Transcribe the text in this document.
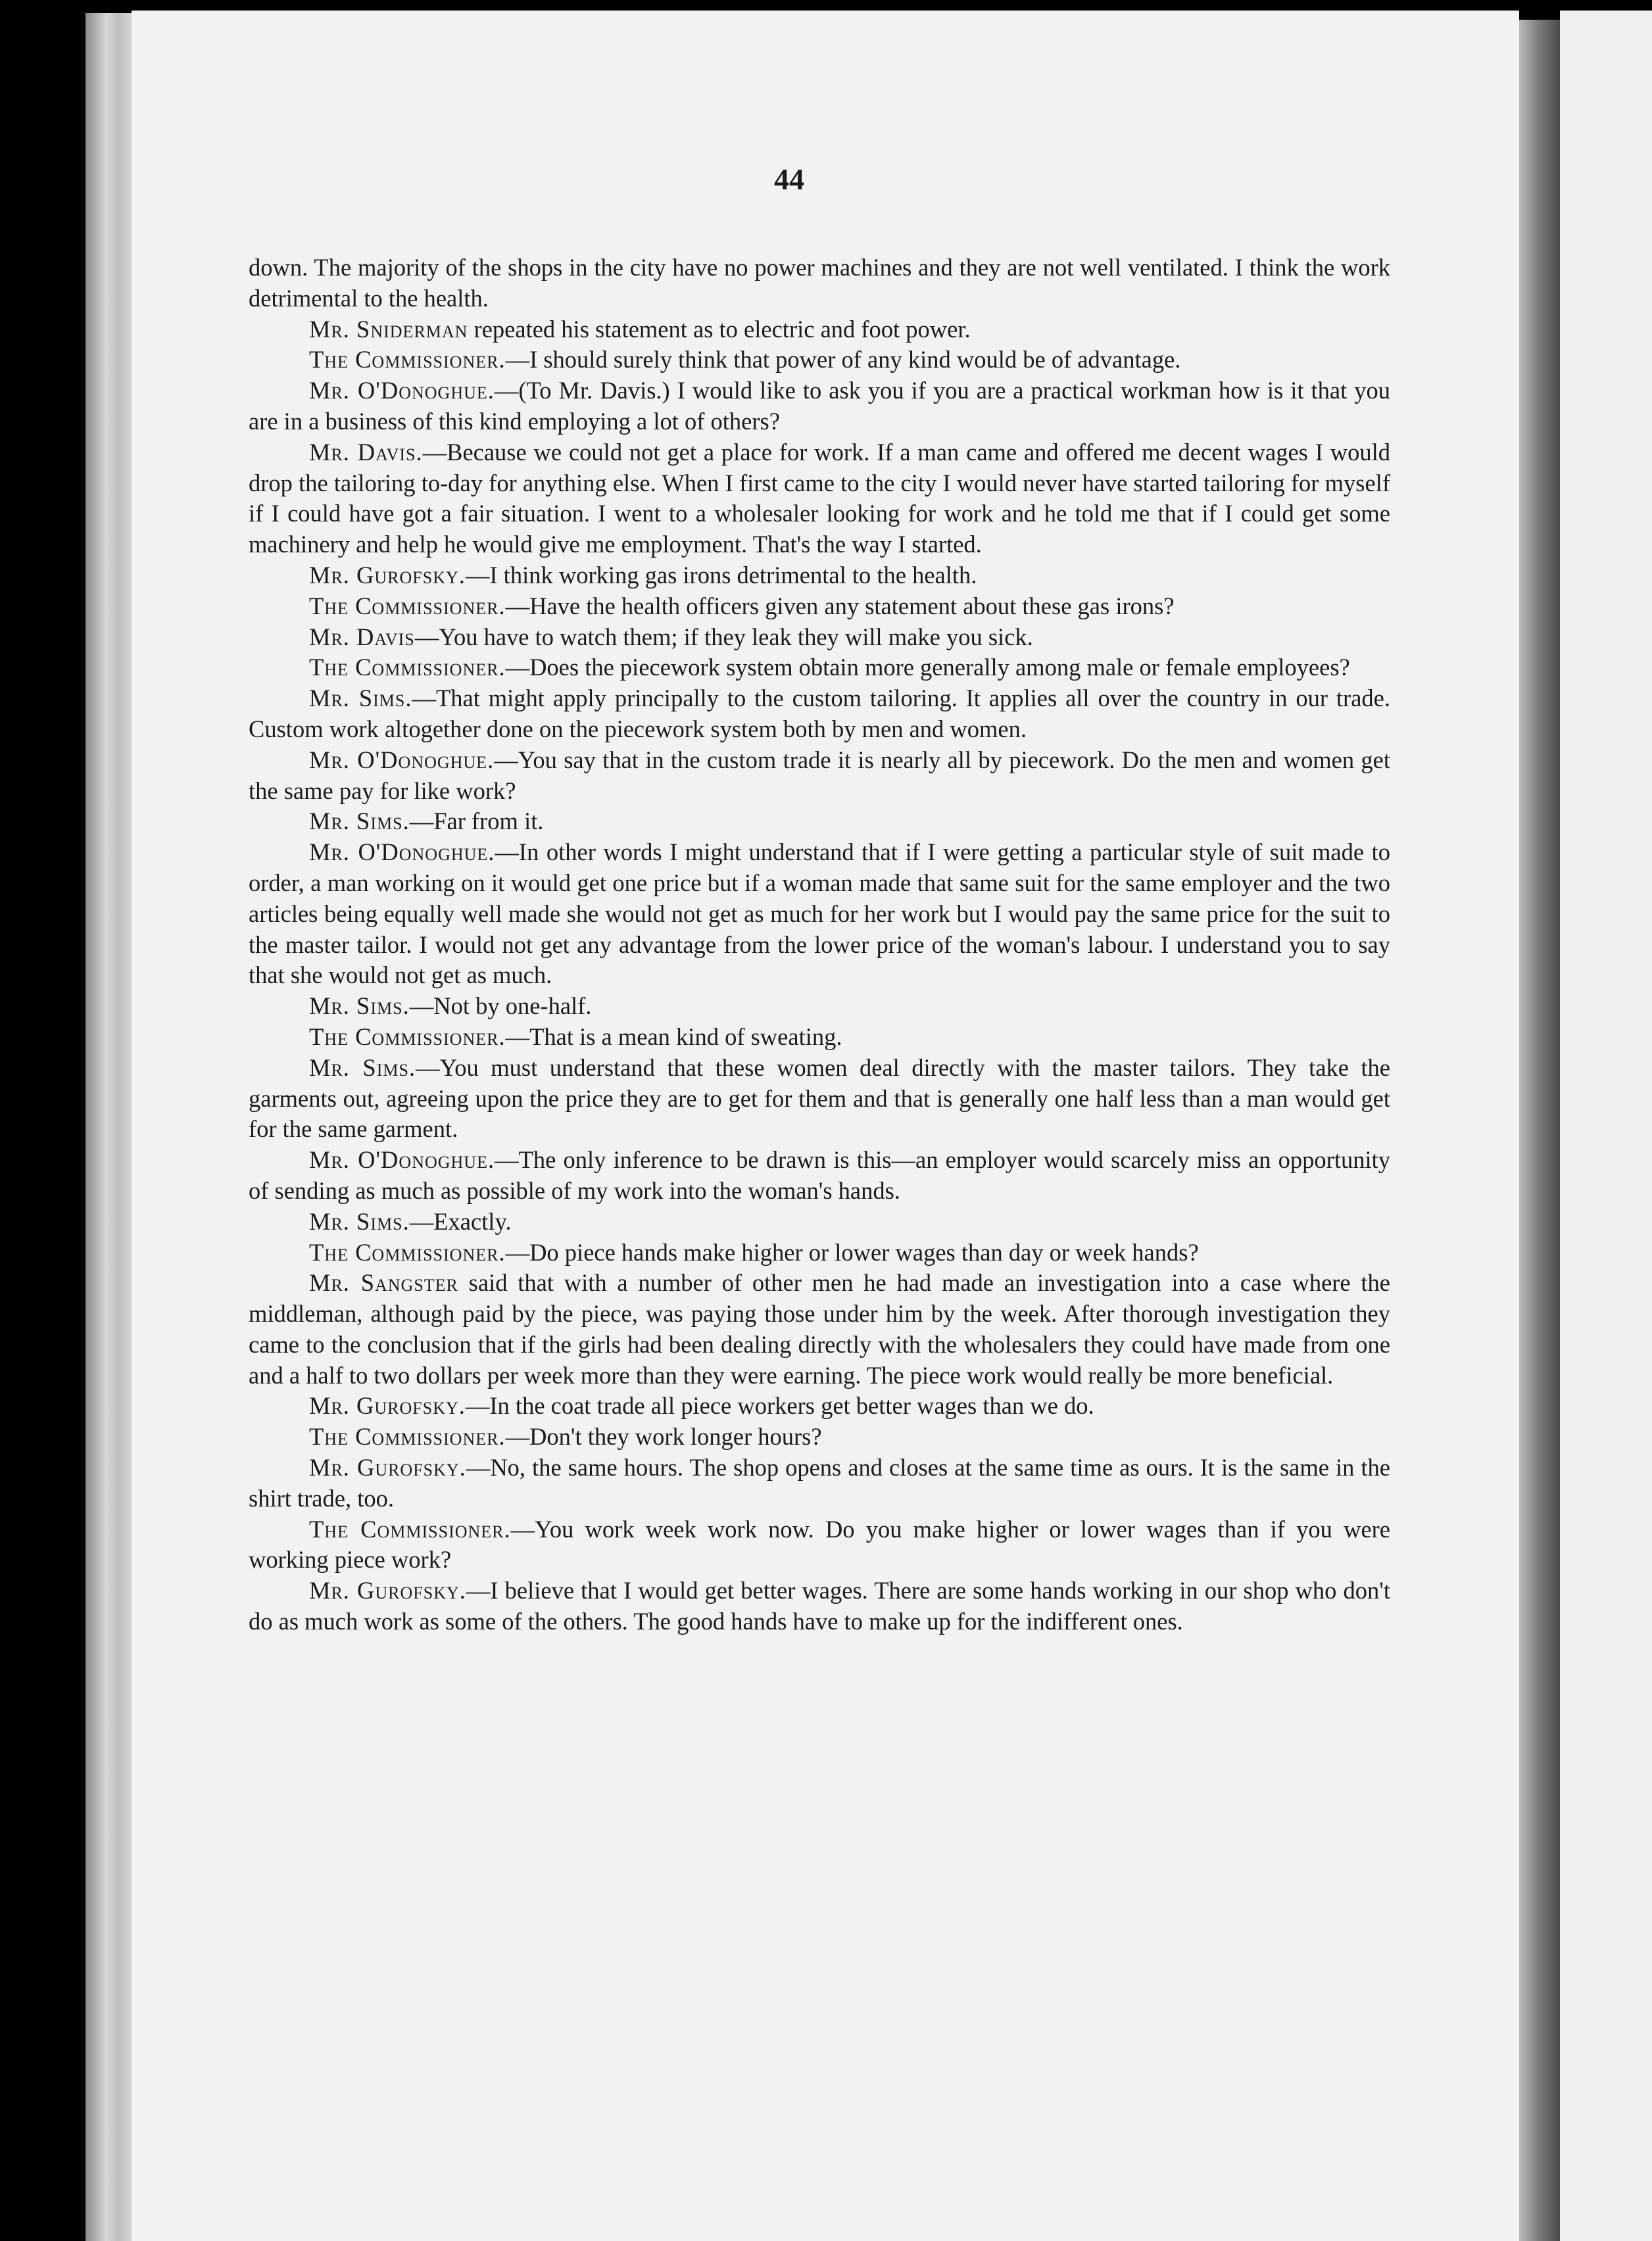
44

down. The majority of the shops in the city have no power machines and they are not well ventilated. I think the work detrimental to the health.

Mr. Sniderman repeated his statement as to electric and foot power.

The Commissioner.—I should surely think that power of any kind would be of advantage.

Mr. O'Donoghue.—(To Mr. Davis.) I would like to ask you if you are a practical workman how is it that you are in a business of this kind employing a lot of others?

Mr. Davis.—Because we could not get a place for work. If a man came and offered me decent wages I would drop the tailoring to-day for anything else. When I first came to the city I would never have started tailoring for myself if I could have got a fair situation. I went to a wholesaler looking for work and he told me that if I could get some machinery and help he would give me employment. That's the way I started.

Mr. Gurofsky.—I think working gas irons detrimental to the health.

The Commissioner.—Have the health officers given any statement about these gas irons?

Mr. Davis—You have to watch them; if they leak they will make you sick.

The Commissioner.—Does the piecework system obtain more generally among male or female employees?

Mr. Sims.—That might apply principally to the custom tailoring. It applies all over the country in our trade. Custom work altogether done on the piecework system both by men and women.

Mr. O'Donoghue.—You say that in the custom trade it is nearly all by piecework. Do the men and women get the same pay for like work?

Mr. Sims.—Far from it.

Mr. O'Donoghue.—In other words I might understand that if I were getting a particular style of suit made to order, a man working on it would get one price but if a woman made that same suit for the same employer and the two articles being equally well made she would not get as much for her work but I would pay the same price for the suit to the master tailor. I would not get any advantage from the lower price of the woman's labour. I understand you to say that she would not get as much.

Mr. Sims.—Not by one-half.

The Commissioner.—That is a mean kind of sweating.

Mr. Sims.—You must understand that these women deal directly with the master tailors. They take the garments out, agreeing upon the price they are to get for them and that is generally one half less than a man would get for the same garment.

Mr. O'Donoghue.—The only inference to be drawn is this—an employer would scarcely miss an opportunity of sending as much as possible of my work into the woman's hands.

Mr. Sims.—Exactly.

The Commissioner.—Do piece hands make higher or lower wages than day or week hands?

Mr. Sangster said that with a number of other men he had made an investigation into a case where the middleman, although paid by the piece, was paying those under him by the week. After thorough investigation they came to the conclusion that if the girls had been dealing directly with the wholesalers they could have made from one and a half to two dollars per week more than they were earning. The piece work would really be more beneficial.

Mr. Gurofsky.—In the coat trade all piece workers get better wages than we do.

The Commissioner.—Don't they work longer hours?

Mr. Gurofsky.—No, the same hours. The shop opens and closes at the same time as ours. It is the same in the shirt trade, too.

The Commissioner.—You work week work now. Do you make higher or lower wages than if you were working piece work?

Mr. Gurofsky.—I believe that I would get better wages. There are some hands working in our shop who don't do as much work as some of the others. The good hands have to make up for the indifferent ones.
